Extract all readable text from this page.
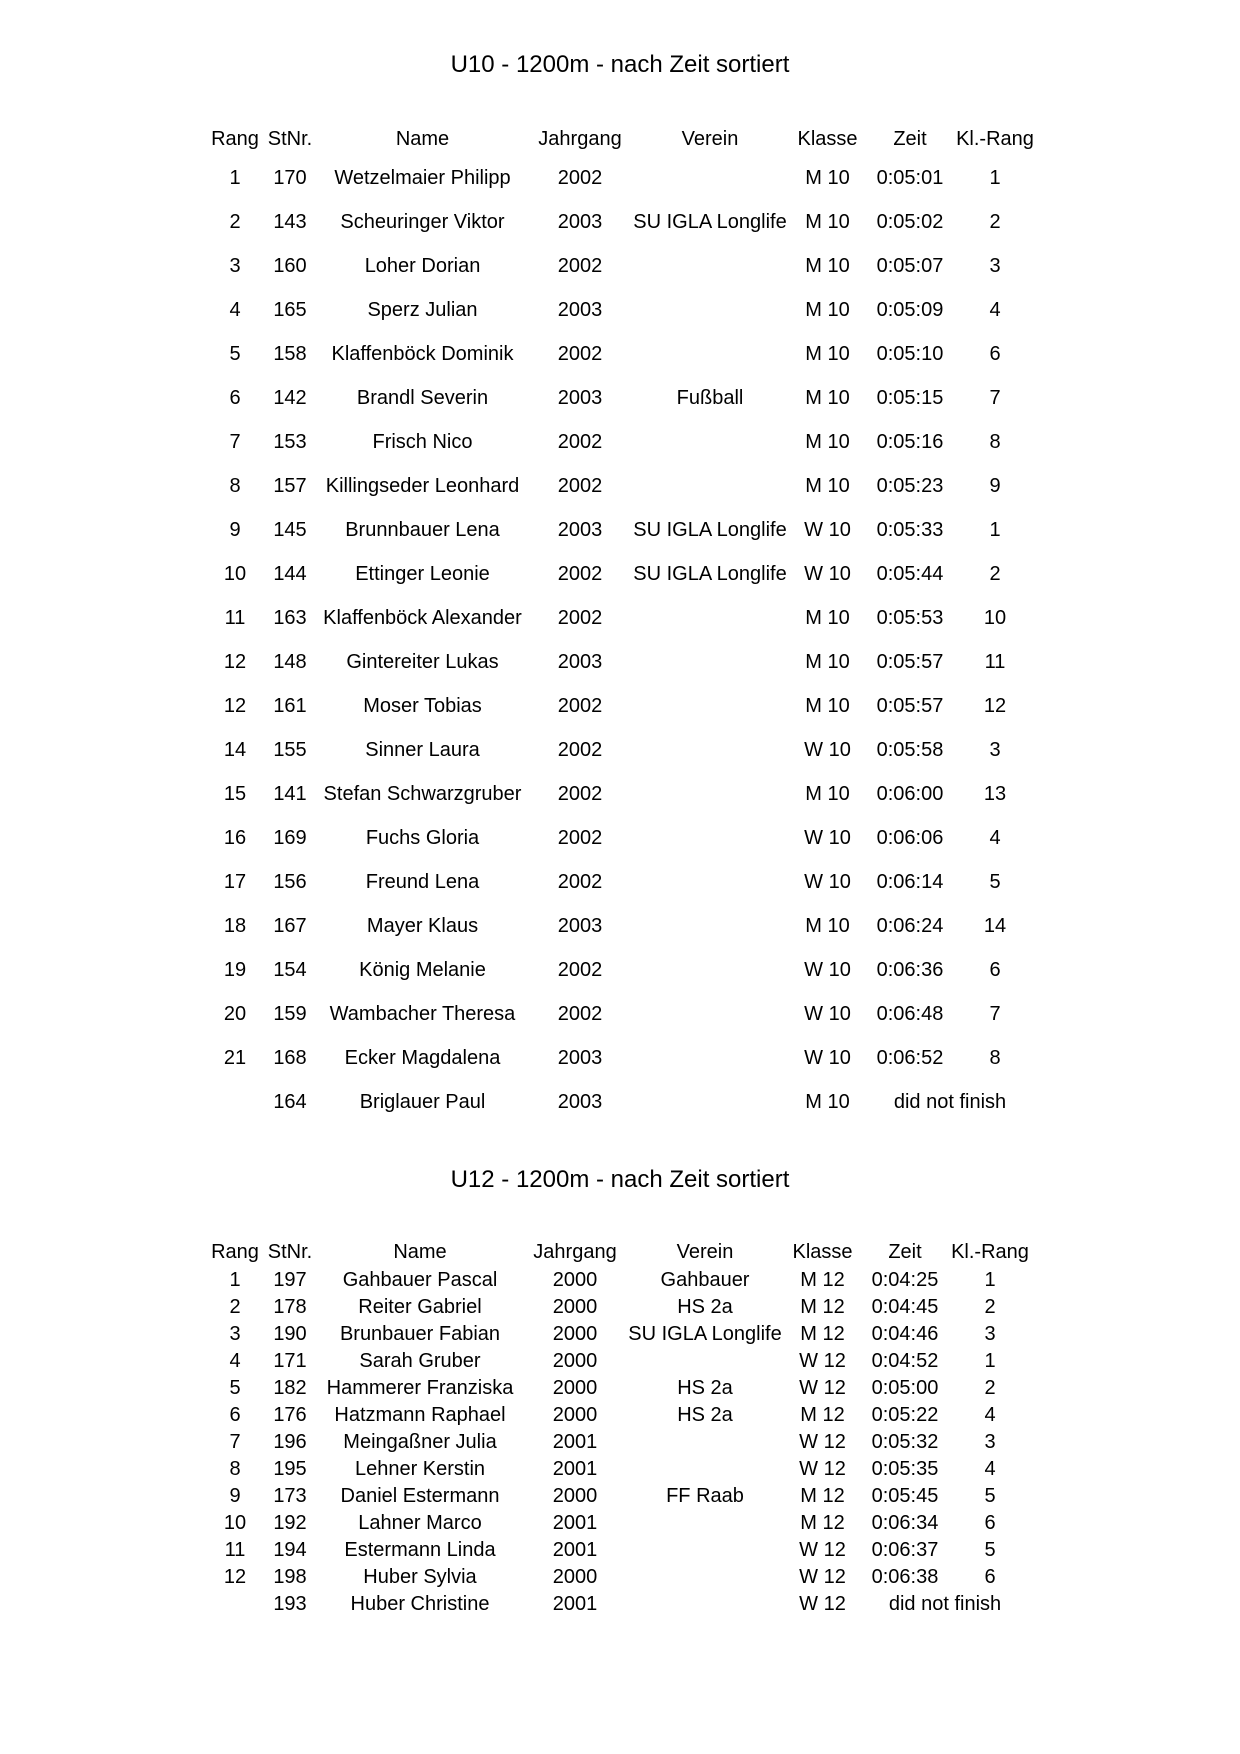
U10 - 1200m - nach Zeit sortiert
Rang	StNr.	Name	Jahrgang	Verein	Klasse	Zeit	Kl.-Rang
1	170	Wetzelmaier Philipp	2002		M 10	0:05:01	1
2	143	Scheuringer Viktor	2003	SU IGLA Longlife	M 10	0:05:02	2
3	160	Loher Dorian	2002		M 10	0:05:07	3
4	165	Sperz Julian	2003		M 10	0:05:09	4
5	158	Klaffenböck Dominik	2002		M 10	0:05:10	6
6	142	Brandl Severin	2003	Fußball	M 10	0:05:15	7
7	153	Frisch Nico	2002		M 10	0:05:16	8
8	157	Killingseder Leonhard	2002		M 10	0:05:23	9
9	145	Brunnbauer Lena	2003	SU IGLA Longlife	W 10	0:05:33	1
10	144	Ettinger Leonie	2002	SU IGLA Longlife	W 10	0:05:44	2
11	163	Klaffenböck Alexander	2002		M 10	0:05:53	10
12	148	Gintereiter Lukas	2003		M 10	0:05:57	11
12	161	Moser Tobias	2002		M 10	0:05:57	12
14	155	Sinner Laura	2002		W 10	0:05:58	3
15	141	Stefan Schwarzgruber	2002		M 10	0:06:00	13
16	169	Fuchs Gloria	2002		W 10	0:06:06	4
17	156	Freund Lena	2002		W 10	0:06:14	5
18	167	Mayer Klaus	2003		M 10	0:06:24	14
19	154	König Melanie	2002		W 10	0:06:36	6
20	159	Wambacher Theresa	2002		W 10	0:06:48	7
21	168	Ecker Magdalena	2003		W 10	0:06:52	8
	164	Briglauer Paul	2003		M 10	did not finish	
U12 - 1200m - nach Zeit sortiert
Rang	StNr.	Name	Jahrgang	Verein	Klasse	Zeit	Kl.-Rang
1	197	Gahbauer Pascal	2000	Gahbauer	M 12	0:04:25	1
2	178	Reiter Gabriel	2000	HS 2a	M 12	0:04:45	2
3	190	Brunbauer Fabian	2000	SU IGLA Longlife	M 12	0:04:46	3
4	171	Sarah Gruber	2000		W 12	0:04:52	1
5	182	Hammerer Franziska	2000	HS 2a	W 12	0:05:00	2
6	176	Hatzmann Raphael	2000	HS 2a	M 12	0:05:22	4
7	196	Meingaßner Julia	2001		W 12	0:05:32	3
8	195	Lehner Kerstin	2001		W 12	0:05:35	4
9	173	Daniel Estermann	2000	FF Raab	M 12	0:05:45	5
10	192	Lahner Marco	2001		M 12	0:06:34	6
11	194	Estermann Linda	2001		W 12	0:06:37	5
12	198	Huber Sylvia	2000		W 12	0:06:38	6
	193	Huber Christine	2001		W 12	did not finish	
